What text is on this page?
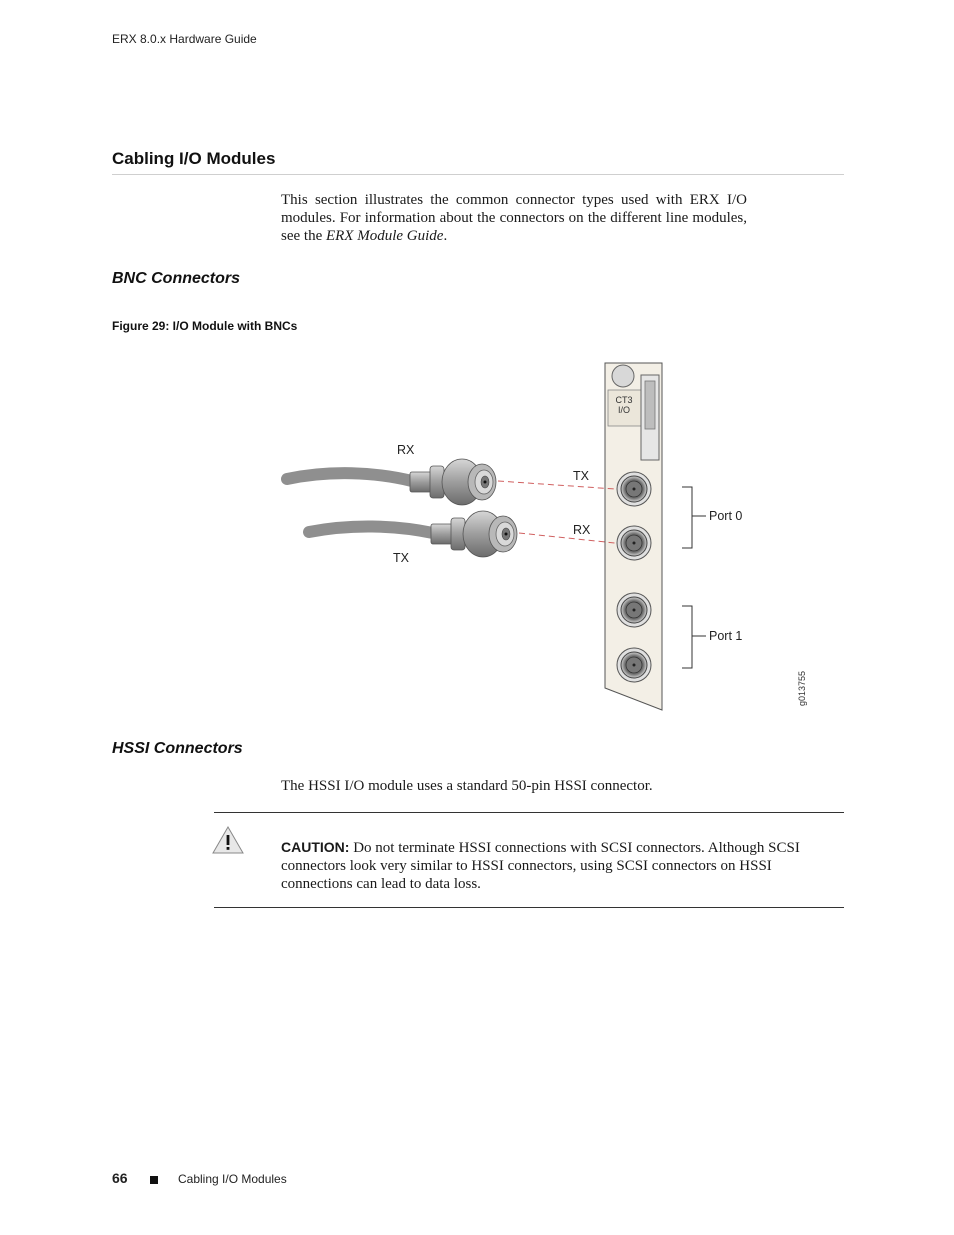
ERX 8.0.x Hardware Guide
Cabling I/O Modules

This section illustrates the common connector types used with ERX I/O modules. For information about the connectors on the different line modules, see the ERX Module Guide.

BNC Connectors
Figure 29: I/O Module with BNCs
CT3
I/O
RX
TX
TX
RX
Port 0
Port 1
g013755
HSSI Connectors

The HSSI I/O module uses a standard 50-pin HSSI connector.

CAUTION: Do not terminate HSSI connections with SCSI connectors. Although SCSI connectors look very similar to HSSI connectors, using SCSI connectors on HSSI connections can lead to data loss.

66	Cabling I/O Modules
